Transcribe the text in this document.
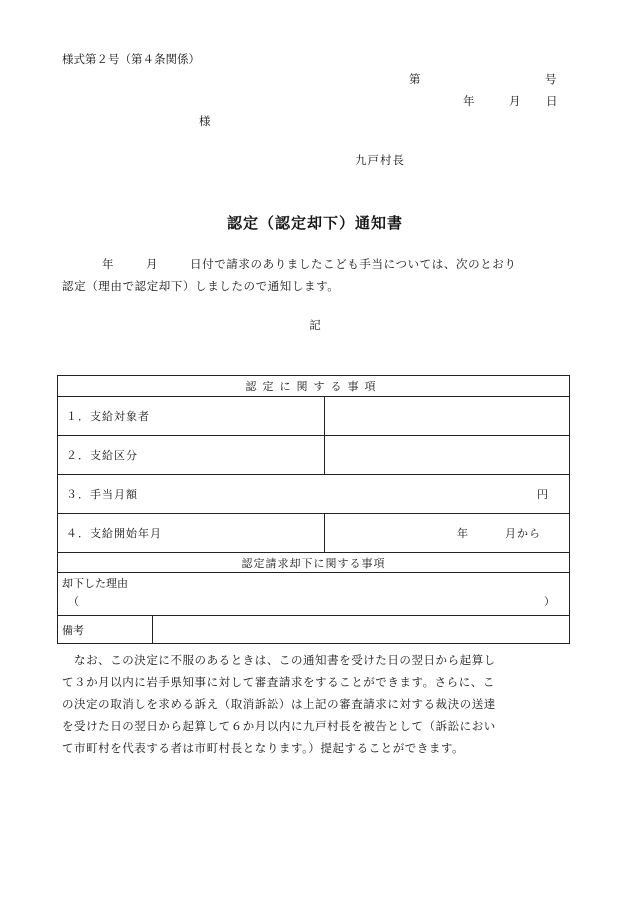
様式第２号（第４条関係）
第	号
年	月 日
様
九戸村長
認定（認定却下）通知書
年	月	日付で請求のありましたこども手当については、次のとおり
認定（理由で認定却下）しましたので通知します。
記
認定に関する事項		
１．支給対象者		
２．支給区分		

３．手当月額 円		

４．支給開始年月		年　　　月から
認定請求却下に関する事項		

却下した理由
（ ）		

備考		
　なお、この決定に不服のあるときは、この通知書を受けた日の翌日から起算し
て３か月以内に岩手県知事に対して審査請求をすることができます。さらに、こ
の決定の取消しを求める訴え（取消訴訟）は上記の審査請求に対する裁決の送達
を受けた日の翌日から起算して６か月以内に九戸村長を被告として（訴訟におい
て市町村を代表する者は市町村長となります。）提起することができます。
